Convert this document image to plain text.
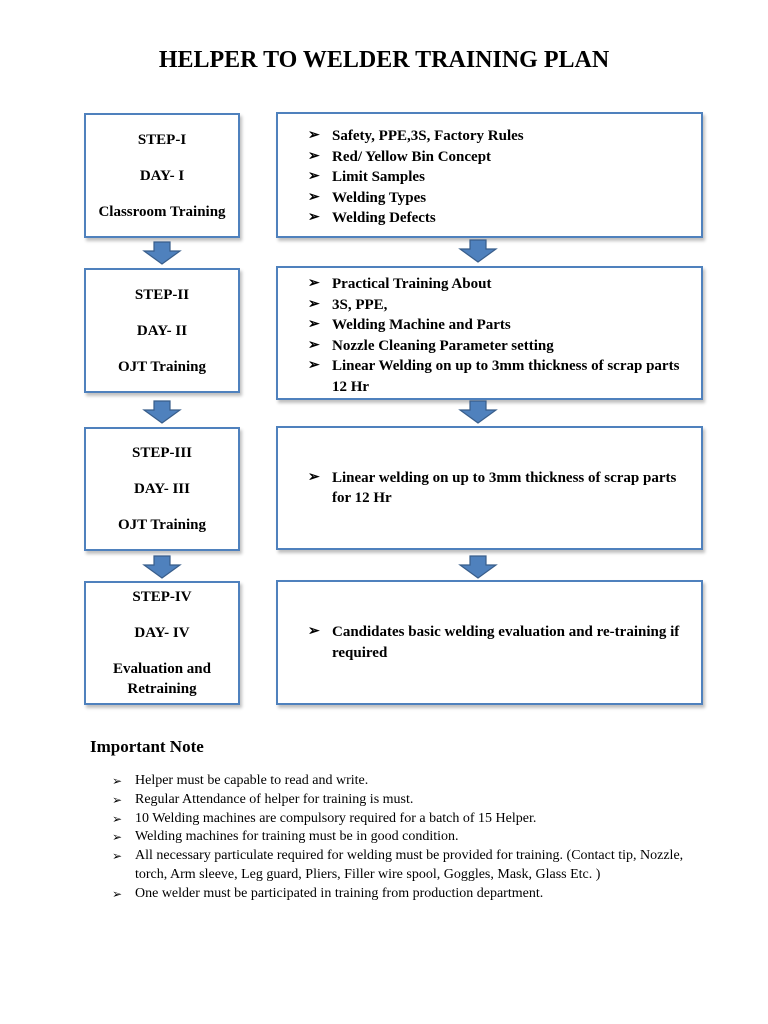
HELPER TO WELDER TRAINING PLAN
STEP-I
DAY- I
Classroom Training
➢ Safety, PPE,3S, Factory Rules
➢ Red/ Yellow Bin Concept
➢ Limit Samples
➢ Welding Types
➢ Welding Defects
STEP-II
DAY- II
OJT Training
➢ Practical Training About
➢ 3S, PPE,
➢ Welding Machine and Parts
➢ Nozzle Cleaning Parameter setting
➢ Linear Welding on up to 3mm thickness of scrap parts 12 Hr
STEP-III
DAY- III
OJT Training
➢ Linear welding on up to 3mm thickness of scrap parts for 12 Hr
STEP-IV
DAY- IV
Evaluation and Retraining
➢ Candidates basic welding evaluation and re-training if required
Important Note
➢ Helper must be capable to read and write.
➢ Regular Attendance of helper for training is must.
➢ 10 Welding machines are compulsory required for a batch of 15 Helper.
➢ Welding machines for training must be in good condition.
➢ All necessary particulate required for welding must be provided for training. (Contact tip, Nozzle, torch, Arm sleeve, Leg guard, Pliers, Filler wire spool, Goggles, Mask, Glass Etc. )
➢ One welder must be participated in training from production department.
